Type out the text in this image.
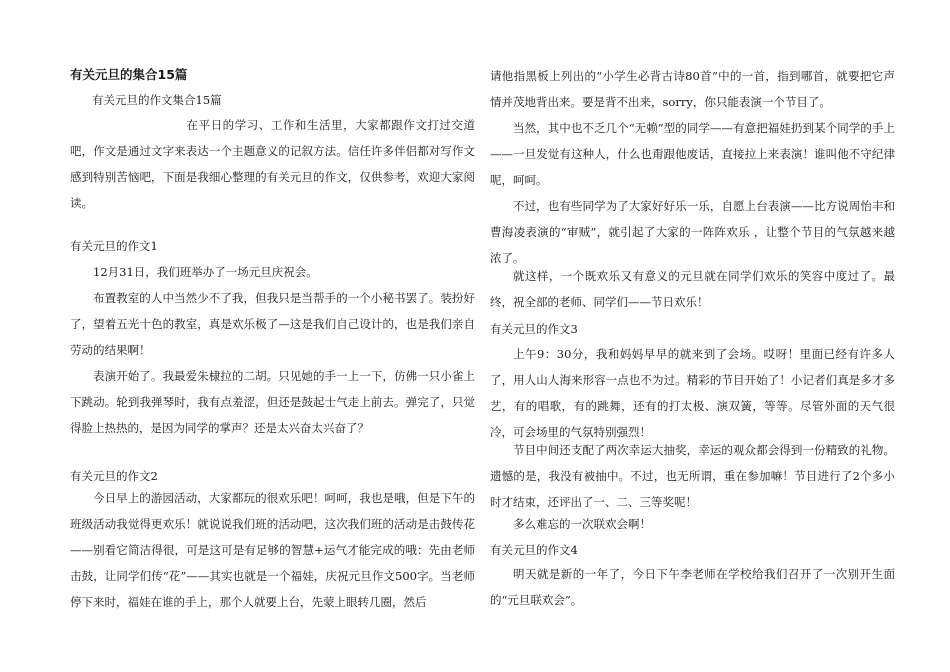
有关元旦的集合15篇
有关元旦的作文集合15篇

在平日的学习、工作和生活里，大家都跟作文打过交道吧，作文是通过文字来表达一个主题意义的记叙方法。信任许多伴侣都对写作文感到特别苦恼吧，下面是我细心整理的有关元旦的作文，仅供参考，欢迎大家阅读。

有关元旦的作文1

12月31日，我们班举办了一场元旦庆祝会。

布置教室的人中当然少不了我，但我只是当帮手的一个小秘书罢了。装扮好了，望着五光十色的教室，真是欢乐极了—这是我们自己设计的，也是我们亲自劳动的结果啊！

表演开始了。我最爱朱棣拉的二胡。只见她的手一上一下，仿佛一只小雀上下跳动。轮到我弹琴时，我有点羞涩，但还是鼓起士气走上前去。弹完了，只觉得脸上热热的，是因为同学的掌声？还是太兴奋太兴奋了？

有关元旦的作文2

今日早上的游园活动，大家都玩的很欢乐吧！呵呵，我也是哦，但是下午的班级活动我觉得更欢乐！就说说我们班的活动吧，这次我们班的活动是击鼓传花——别看它简洁得很，可是这可是有足够的智慧+运气才能完成的哦：先由老师击鼓，让同学们传“花”——其实也就是一个福娃，庆祝元旦作文500字。当老师停下来时，福娃在谁的手上，那个人就要上台，先蒙上眼转几圈，然后

请他指黑板上列出的“小学生必背古诗80首”中的一首，指到哪首，就要把它声情并茂地背出来。要是背不出来，sorry，你只能表演一个节目了。

当然，其中也不乏几个“无赖”型的同学——有意把福娃扔到某个同学的手上——一旦发觉有这种人，什么也甭跟他废话，直接拉上来表演！谁叫他不守纪律呢，呵呵。

不过，也有些同学为了大家好好乐一乐，自愿上台表演——比方说周怡丰和曹海凌表演的“审贼”，就引起了大家的一阵阵欢乐 ，让整个节目的气氛越来越浓了。

就这样，一个既欢乐又有意义的元旦就在同学们欢乐的笑容中度过了。最终，祝全部的老师、同学们——节日欢乐！

有关元旦的作文3

上午9：30分，我和妈妈早早的就来到了会场。哎呀！里面已经有许多人了，用人山人海来形容一点也不为过。精彩的节目开始了！小记者们真是多才多艺，有的唱歌，有的跳舞，还有的打太极、演双簧，等等。尽管外面的天气很冷，可会场里的气氛特别强烈！

节目中间还支配了两次幸运大抽奖，幸运的观众都会得到一份精致的礼物。遗憾的是，我没有被抽中。不过，也无所谓，重在参加嘛！节目进行了2个多小时才结束，还评出了一、二、三等奖呢！

多么难忘的一次联欢会啊！

有关元旦的作文4

明天就是新的一年了，今日下午李老师在学校给我们召开了一次别开生面的“元旦联欢会”。
